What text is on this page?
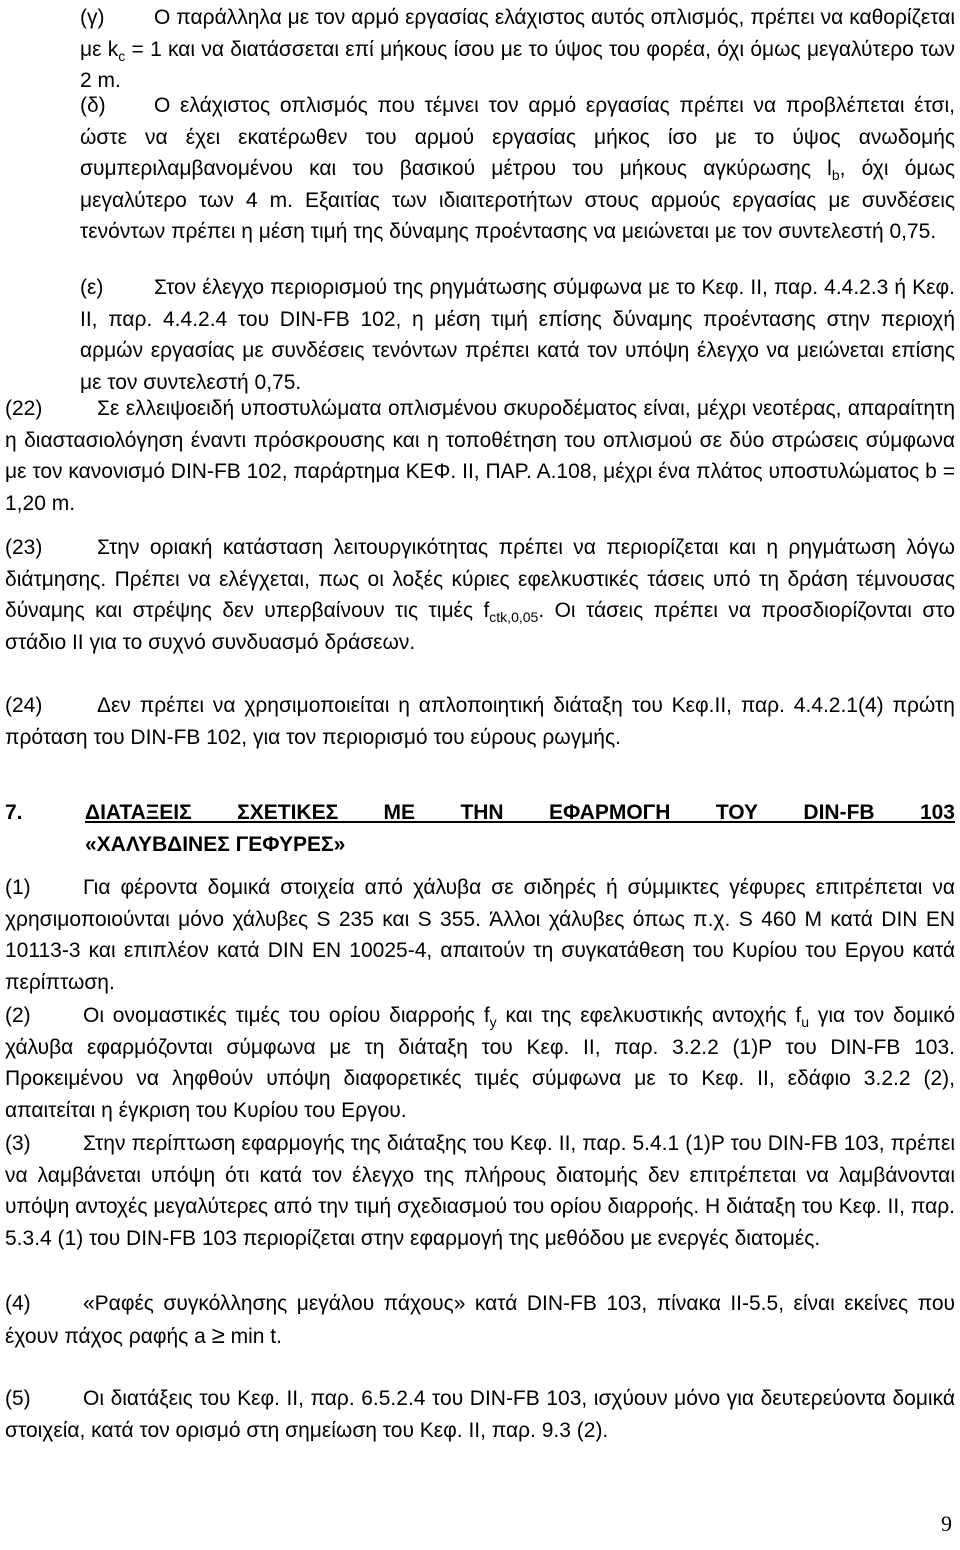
(γ) Ο παράλληλα με τον αρμό εργασίας ελάχιστος αυτός οπλισμός, πρέπει να καθορίζεται με $k_c = 1$ και να διατάσσεται επί μήκους ίσου με το ύψος του φορέα, όχι όμως μεγαλύτερο των 2 m.

(δ) Ο ελάχιστος οπλισμός που τέμνει τον αρμό εργασίας πρέπει να προβλέπεται έτσι, ώστε να έχει εκατέρωθεν του αρμού εργασίας μήκος ίσο με το ύψος ανωδομής συμπεριλαμβανομένου και του βασικού μέτρου του μήκους αγκύρωσης $l_b$, όχι όμως μεγαλύτερο των 4 m. Εξαιτίας των ιδιαιτεροτήτων στους αρμούς εργασίας με συνδέσεις τενόντων πρέπει η μέση τιμή της δύναμης προέντασης να μειώνεται με τον συντελεστή 0,75.

(ε) Στον έλεγχο περιορισμού της ρηγμάτωσης σύμφωνα με το Κεφ. ΙΙ, παρ. 4.4.2.3 ή Κεφ. ΙΙ, παρ. 4.4.2.4 του DIN-FB 102, η μέση τιμή επίσης δύναμης προέντασης στην περιοχή αρμών εργασίας με συνδέσεις τενόντων πρέπει κατά τον υπόψη έλεγχο να μειώνεται επίσης με τον συντελεστή 0,75.

(22)	Σε ελλειψοειδή υποστυλώματα οπλισμένου σκυροδέματος είναι, μέχρι νεοτέρας, απαραίτητη η διαστασιολόγηση έναντι πρόσκρουσης και η τοποθέτηση του οπλισμού σε δύο στρώσεις σύμφωνα με τον κανονισμό DIN-FB 102, παράρτημα ΚΕΦ. ΙΙ, ΠΑΡ. Α.108, μέχρι ένα πλάτος υποστυλώματος b = 1,20 m.

(23)	Στην οριακή κατάσταση λειτουργικότητας πρέπει να περιορίζεται και η ρηγμάτωση λόγω διάτμησης. Πρέπει να ελέγχεται, πως οι λοξές κύριες εφελκυστικές τάσεις υπό τη δράση τέμνουσας δύναμης και στρέψης δεν υπερβαίνουν τις τιμές $f_{ctk,0,05}$. Οι τάσεις πρέπει να προσδιορίζονται στο στάδιο ΙΙ για το συχνό συνδυασμό δράσεων.

(24)	Δεν πρέπει να χρησιμοποιείται η απλοποιητική διάταξη του Κεφ.ΙΙ, παρ. 4.4.2.1(4) πρώτη πρόταση του DIN-FB 102, για τον περιορισμό του εύρους ρωγμής.

7.	ΔΙΑΤΑΞΕΙΣ ΣΧΕΤΙΚΕΣ ΜΕ ΤΗΝ ΕΦΑΡΜΟΓΗ ΤΟΥ DIN-FB 103
«ΧΑΛΥΒΔΙΝΕΣ ΓΕΦΥΡΕΣ»

(1) Για φέροντα δομικά στοιχεία από χάλυβα σε σιδηρές ή σύμμικτες γέφυρες επιτρέπεται να χρησιμοποιούνται μόνο χάλυβες S 235 και S 355. Άλλοι χάλυβες όπως π.χ. S 460 M κατά DIN EN 10113-3 και επιπλέον κατά DIN EN 10025-4, απαιτούν τη συγκατάθεση του Κυρίου του Εργου κατά περίπτωση.

(2) Οι ονομαστικές τιμές του ορίου διαρροής $f_y$ και της εφελκυστικής αντοχής $f_u$ για τον δομικό χάλυβα εφαρμόζονται σύμφωνα με τη διάταξη του Κεφ. ΙΙ, παρ. 3.2.2 (1)P του DIN-FB 103. Προκειμένου να ληφθούν υπόψη διαφορετικές τιμές σύμφωνα με το Κεφ. ΙΙ, εδάφιο 3.2.2 (2), απαιτείται η έγκριση του Κυρίου του Εργου.

(3) Στην περίπτωση εφαρμογής της διάταξης του Κεφ. ΙΙ, παρ. 5.4.1 (1)P του DIN-FB 103, πρέπει να λαμβάνεται υπόψη ότι κατά τον έλεγχο της πλήρους διατομής δεν επιτρέπεται να λαμβάνονται υπόψη αντοχές μεγαλύτερες από την τιμή σχεδιασμού του ορίου διαρροής. Η διάταξη του Κεφ. ΙΙ, παρ. 5.3.4 (1) του DIN-FB 103 περιορίζεται στην εφαρμογή της μεθόδου με ενεργές διατομές.

(4) «Ραφές συγκόλλησης μεγάλου πάχους» κατά DIN-FB 103, πίνακα ΙΙ-5.5, είναι εκείνες που έχουν πάχος ραφής a ≥ min t.

(5) Οι διατάξεις του Κεφ. ΙΙ, παρ. 6.5.2.4 του DIN-FB 103, ισχύουν μόνο για δευτερεύοντα δομικά στοιχεία, κατά τον ορισμό στη σημείωση του Κεφ. ΙΙ, παρ. 9.3 (2).

9
